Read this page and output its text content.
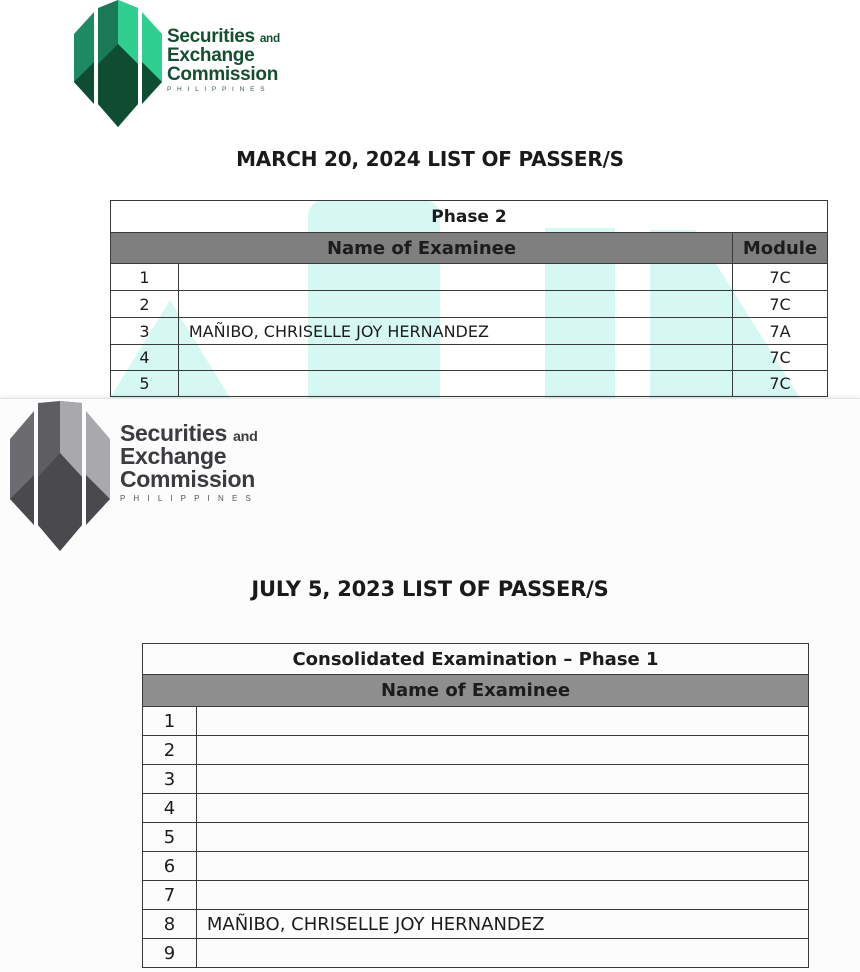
Securities and
Exchange
Commission
P H I L I P P I N E S
MARCH 20, 2024 LIST OF PASSER/S
Phase 2		
Name of Examinee		Module
1		7C
2		7C
3	MAÑIBO, CHRISELLE JOY HERNANDEZ	7A
4		7C
5		7C
Securities and
Exchange
Commission
P H I L I P P I N E S
JULY 5, 2023 LIST OF PASSER/S
Consolidated Examination – Phase 1	
Name of Examinee	
1	
2	
3	
4	
5	
6	
7	
8	MAÑIBO, CHRISELLE JOY HERNANDEZ
9	
